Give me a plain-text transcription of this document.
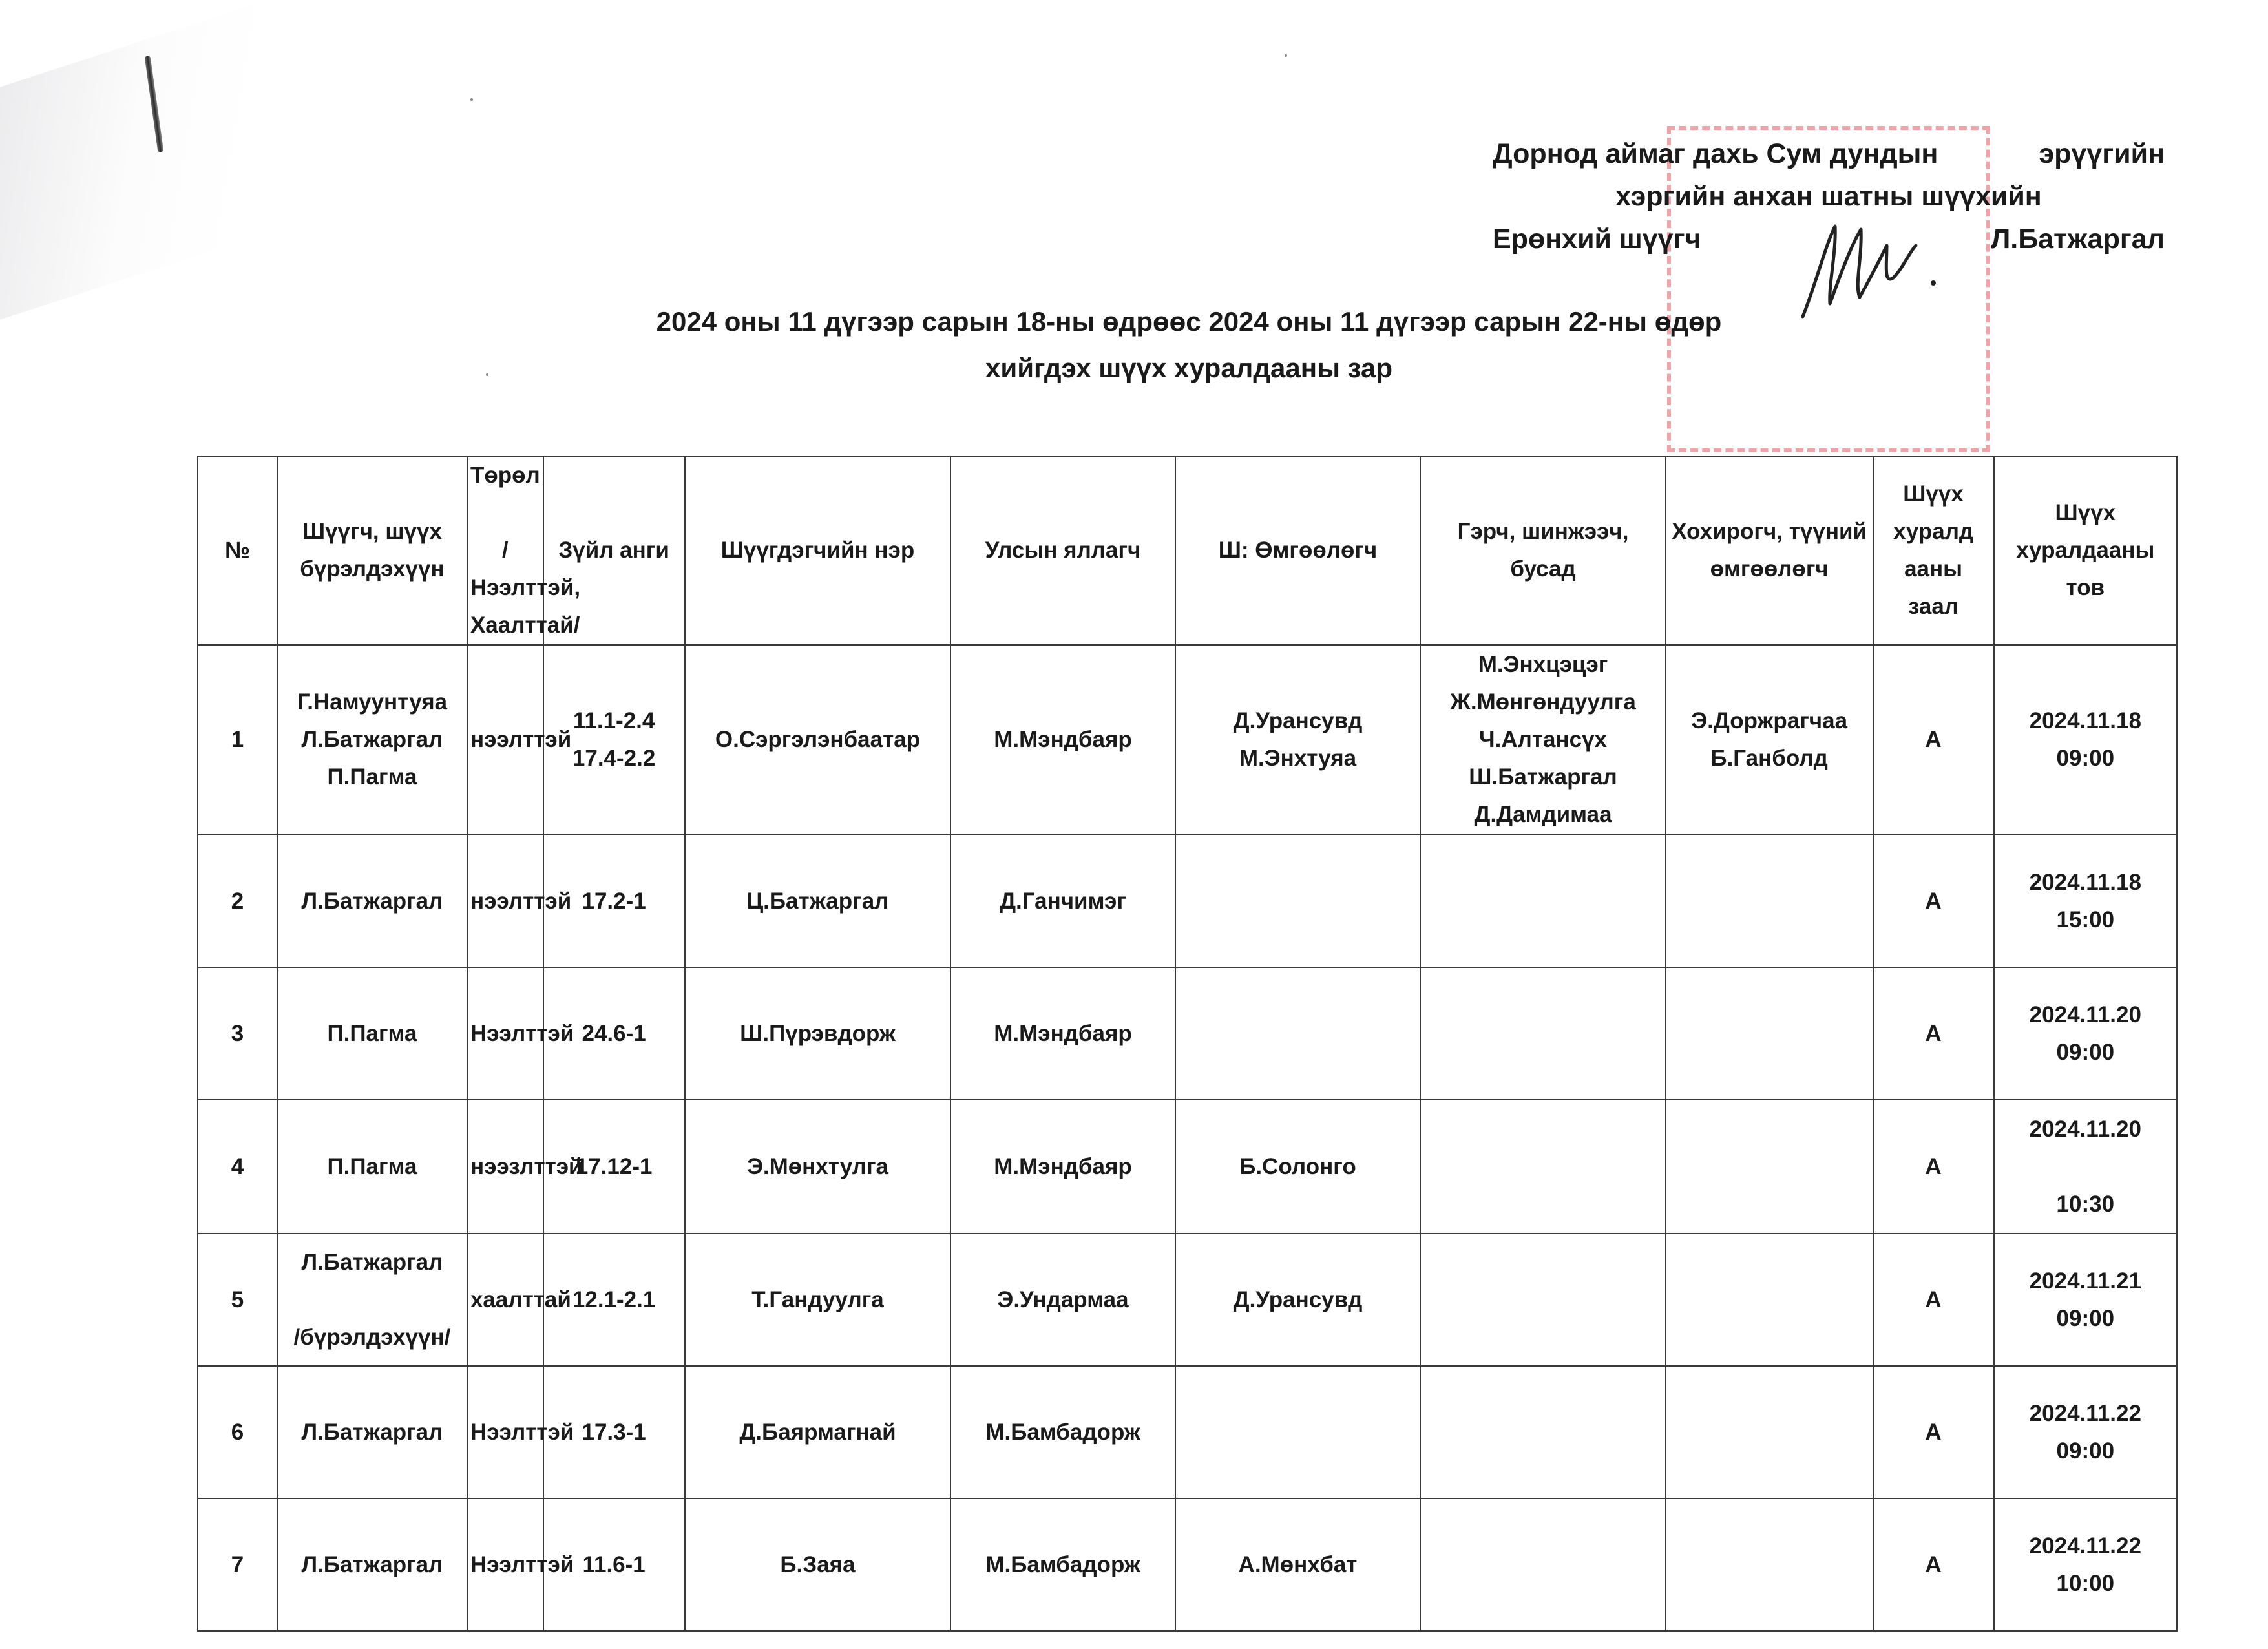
Дорнод аймаг дахь Сум дундын	эрүүгийн
хэргийн анхан шатны шүүхийн
Ерөнхий шүүгч	Л.Батжаргал
2024 оны 11 дүгээр сарын 18-ны өдрөөс 2024 оны 11 дүгээр сарын 22-ны өдөр
хийгдэх шүүх хуралдааны зар
№	Шүүгч, шүүх бүрэлдэхүүн	Төрөл

/Нээлттэй, Хаалттай/	Зүйл анги	Шүүгдэгчийн нэр	Улсын яллагч	Ш: Өмгөөлөгч	Гэрч, шинжээч, бусад	Хохирогч, түүний өмгөөлөгч	Шүүх хуралд ааны заал	Шүүх хуралдааны тов
1	Г.Намуунтуяа
Л.Батжаргал
П.Пагма	нээлттэй	11.1-2.4
17.4-2.2	О.Сэргэлэнбаатар	М.Мэндбаяр	Д.Урансувд
М.Энхтуяа	М.Энхцэцэг
Ж.Мөнгөндуулга
Ч.Алтансүх
Ш.Батжаргал
Д.Дамдимаа	Э.Доржрагчаа
Б.Ганболд	А	2024.11.18
09:00
2	Л.Батжаргал	нээлттэй	17.2-1	Ц.Батжаргал	Д.Ганчимэг				А	2024.11.18
15:00
3	П.Пагма	Нээлттэй	24.6-1	Ш.Пүрэвдорж	М.Мэндбаяр				А	2024.11.20
09:00
4	П.Пагма	нээзлттэй	17.12-1	Э.Мөнхтулга	М.Мэндбаяр	Б.Солонго			А	2024.11.20

10:30
5	Л.Батжаргал

/бүрэлдэхүүн/	хаалттай	12.1-2.1	Т.Гандуулга	Э.Ундармаа	Д.Урансувд			А	2024.11.21
09:00
6	Л.Батжаргал	Нээлттэй	17.3-1	Д.Баярмагнай	М.Бамбадорж				А	2024.11.22
09:00
7	Л.Батжаргал	Нээлттэй	11.6-1	Б.Заяа	М.Бамбадорж	А.Мөнхбат			А	2024.11.22
10:00
